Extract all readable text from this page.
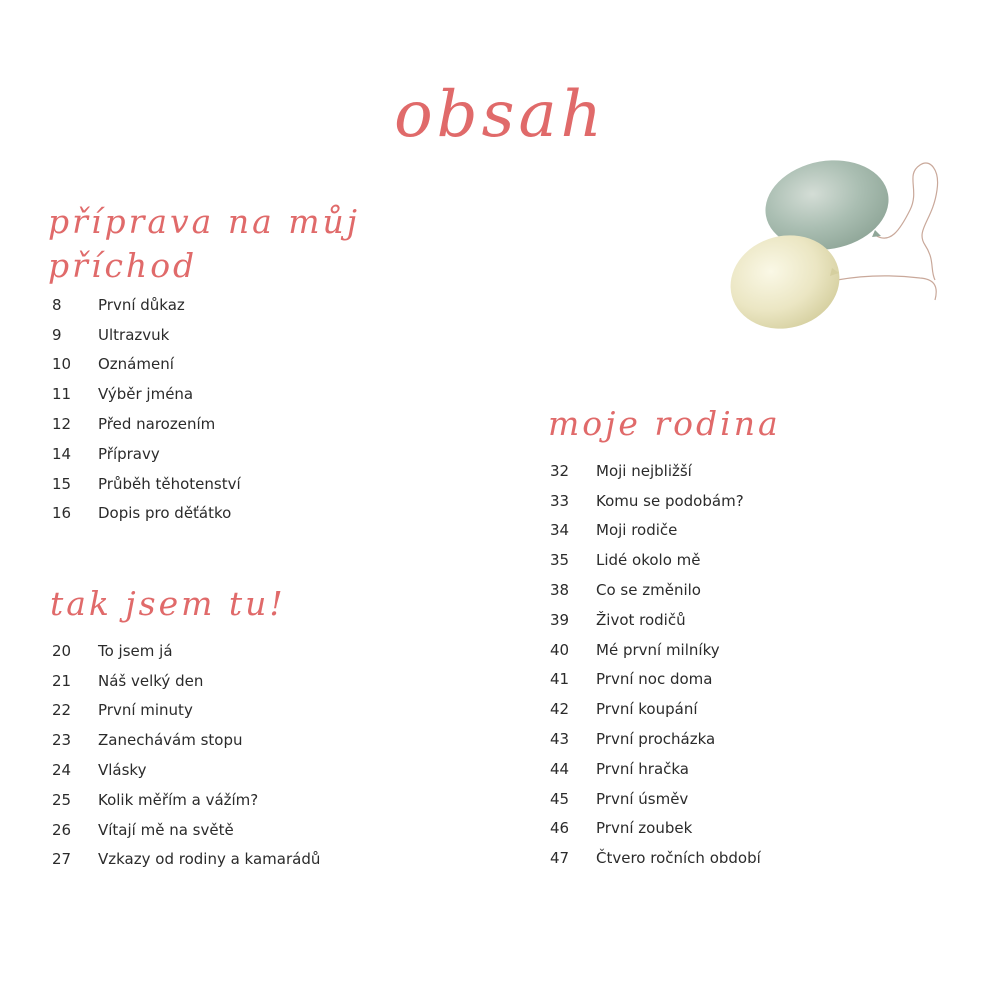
obsah
příprava na můj příchod
8	První důkaz
9	Ultrazvuk
10	Oznámení
11	Výběr jména
12	Před narozením
14	Přípravy
15	Průběh těhotenství
16	Dopis pro děťátko
tak jsem tu!
20	To jsem já
21	Náš velký den
22	První minuty
23	Zanechávám stopu
24	Vlásky
25	Kolik měřím a vážím?
26	Vítají mě na světě
27	Vzkazy od rodiny a kamarádů
moje rodina
32	Moji nejbližší
33	Komu se podobám?
34	Moji rodiče
35	Lidé okolo mě
38	Co se změnilo
39	Život rodičů
40	Mé první milníky
41	První noc doma
42	První koupání
43	První procházka
44	První hračka
45	První úsměv
46	První zoubek
47	Čtvero ročních období
